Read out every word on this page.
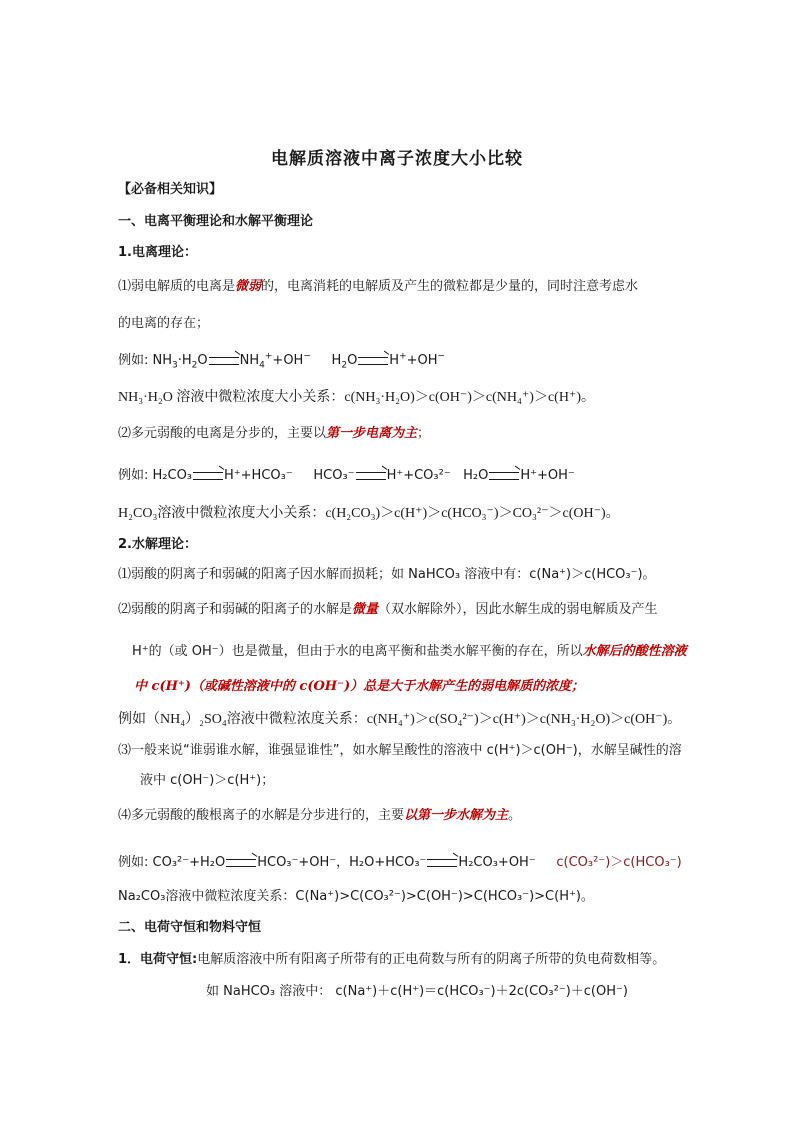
电解质溶液中离子浓度大小比较
【必备相关知识】
一、电离平衡理论和水解平衡理论
1.电离理论：
⑴弱电解质的电离是微弱的，电离消耗的电解质及产生的微粒都是少量的，同时注意考虑水
的电离的存在；
例如: $NH_3\cdot H_2O$ $NH_4^++OH^-$ $H_2O$ H++OH−
NH₃·H₂O 溶液中微粒浓度大小关系：c(NH₃·H₂O)＞c(OH⁻)＞c(NH₄⁺)＞c(H⁺)。
⑵多元弱酸的电离是分步的，主要以第一步电离为主；
例如: H₂CO₃ H⁺+HCO₃⁻ HCO₃⁻ H⁺+CO₃²⁻ H₂O H⁺+OH⁻
H₂CO₃溶液中微粒浓度大小关系：c(H₂CO₃)＞c(H⁺)＞c(HCO₃⁻)＞CO₃²⁻＞c(OH⁻)。
2.水解理论：
⑴弱酸的阴离子和弱碱的阳离子因水解而损耗；如 NaHCO₃ 溶液中有：c(Na⁺)＞c(HCO₃⁻)。
⑵弱酸的阴离子和弱碱的阳离子的水解是微量（双水解除外），因此水解生成的弱电解质及产生
H⁺的（或 OH⁻）也是微量，但由于水的电离平衡和盐类水解平衡的存在，所以水解后的酸性溶液
中 c(H⁺)（或碱性溶液中的 c(OH⁻)）总是大于水解产生的弱电解质的浓度；
例如（NH₄）₂SO₄溶液中微粒浓度关系：c(NH₄⁺)＞c(SO₄²⁻)＞c(H⁺)＞c(NH₃·H₂O)＞c(OH⁻)。
⑶一般来说“谁弱谁水解，谁强显谁性”，如水解呈酸性的溶液中 c(H⁺)＞c(OH⁻)，水解呈碱性的溶
液中 c(OH⁻)＞c(H⁺)；
⑷多元弱酸的酸根离子的水解是分步进行的，主要以第一步水解为主。
例如: CO₃²⁻+H₂O HCO₃⁻+OH⁻，H₂O+HCO₃⁻ H₂CO₃+OH⁻ c(CO₃²⁻)＞c(HCO₃⁻)
Na₂CO₃溶液中微粒浓度关系：C(Na⁺)>C(CO₃²⁻)>C(OH⁻)>C(HCO₃⁻)>C(H⁺)。
二、电荷守恒和物料守恒
1．电荷守恒:电解质溶液中所有阳离子所带有的正电荷数与所有的阴离子所带的负电荷数相等。
如 NaHCO₃ 溶液中： c(Na⁺)＋c(H⁺)＝c(HCO₃⁻)＋2c(CO₃²⁻)＋c(OH⁻)
